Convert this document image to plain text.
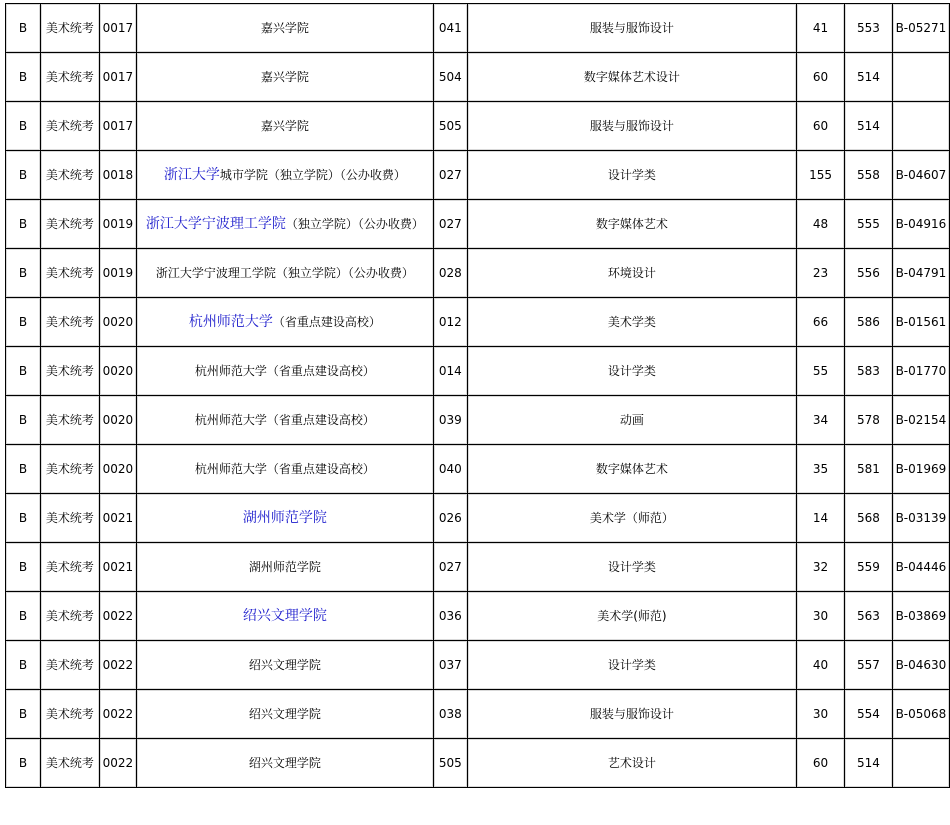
B	美术统考	0017	嘉兴学院	041	服装与服饰设计	41	553	B-05271
B	美术统考	0017	嘉兴学院	504	数字媒体艺术设计	60	514	
B	美术统考	0017	嘉兴学院	505	服装与服饰设计	60	514	
B	美术统考	0018	浙江大学城市学院（独立学院）（公办收费）	027	设计学类	155	558	B-04607
B	美术统考	0019	浙江大学宁波理工学院（独立学院）（公办收费）	027	数字媒体艺术	48	555	B-04916
B	美术统考	0019	浙江大学宁波理工学院（独立学院）（公办收费）	028	环境设计	23	556	B-04791
B	美术统考	0020	杭州师范大学（省重点建设高校）	012	美术学类	66	586	B-01561
B	美术统考	0020	杭州师范大学（省重点建设高校）	014	设计学类	55	583	B-01770
B	美术统考	0020	杭州师范大学（省重点建设高校）	039	动画	34	578	B-02154
B	美术统考	0020	杭州师范大学（省重点建设高校）	040	数字媒体艺术	35	581	B-01969
B	美术统考	0021	湖州师范学院	026	美术学（师范）	14	568	B-03139
B	美术统考	0021	湖州师范学院	027	设计学类	32	559	B-04446
B	美术统考	0022	绍兴文理学院	036	美术学(师范)	30	563	B-03869
B	美术统考	0022	绍兴文理学院	037	设计学类	40	557	B-04630
B	美术统考	0022	绍兴文理学院	038	服装与服饰设计	30	554	B-05068
B	美术统考	0022	绍兴文理学院	505	艺术设计	60	514	
